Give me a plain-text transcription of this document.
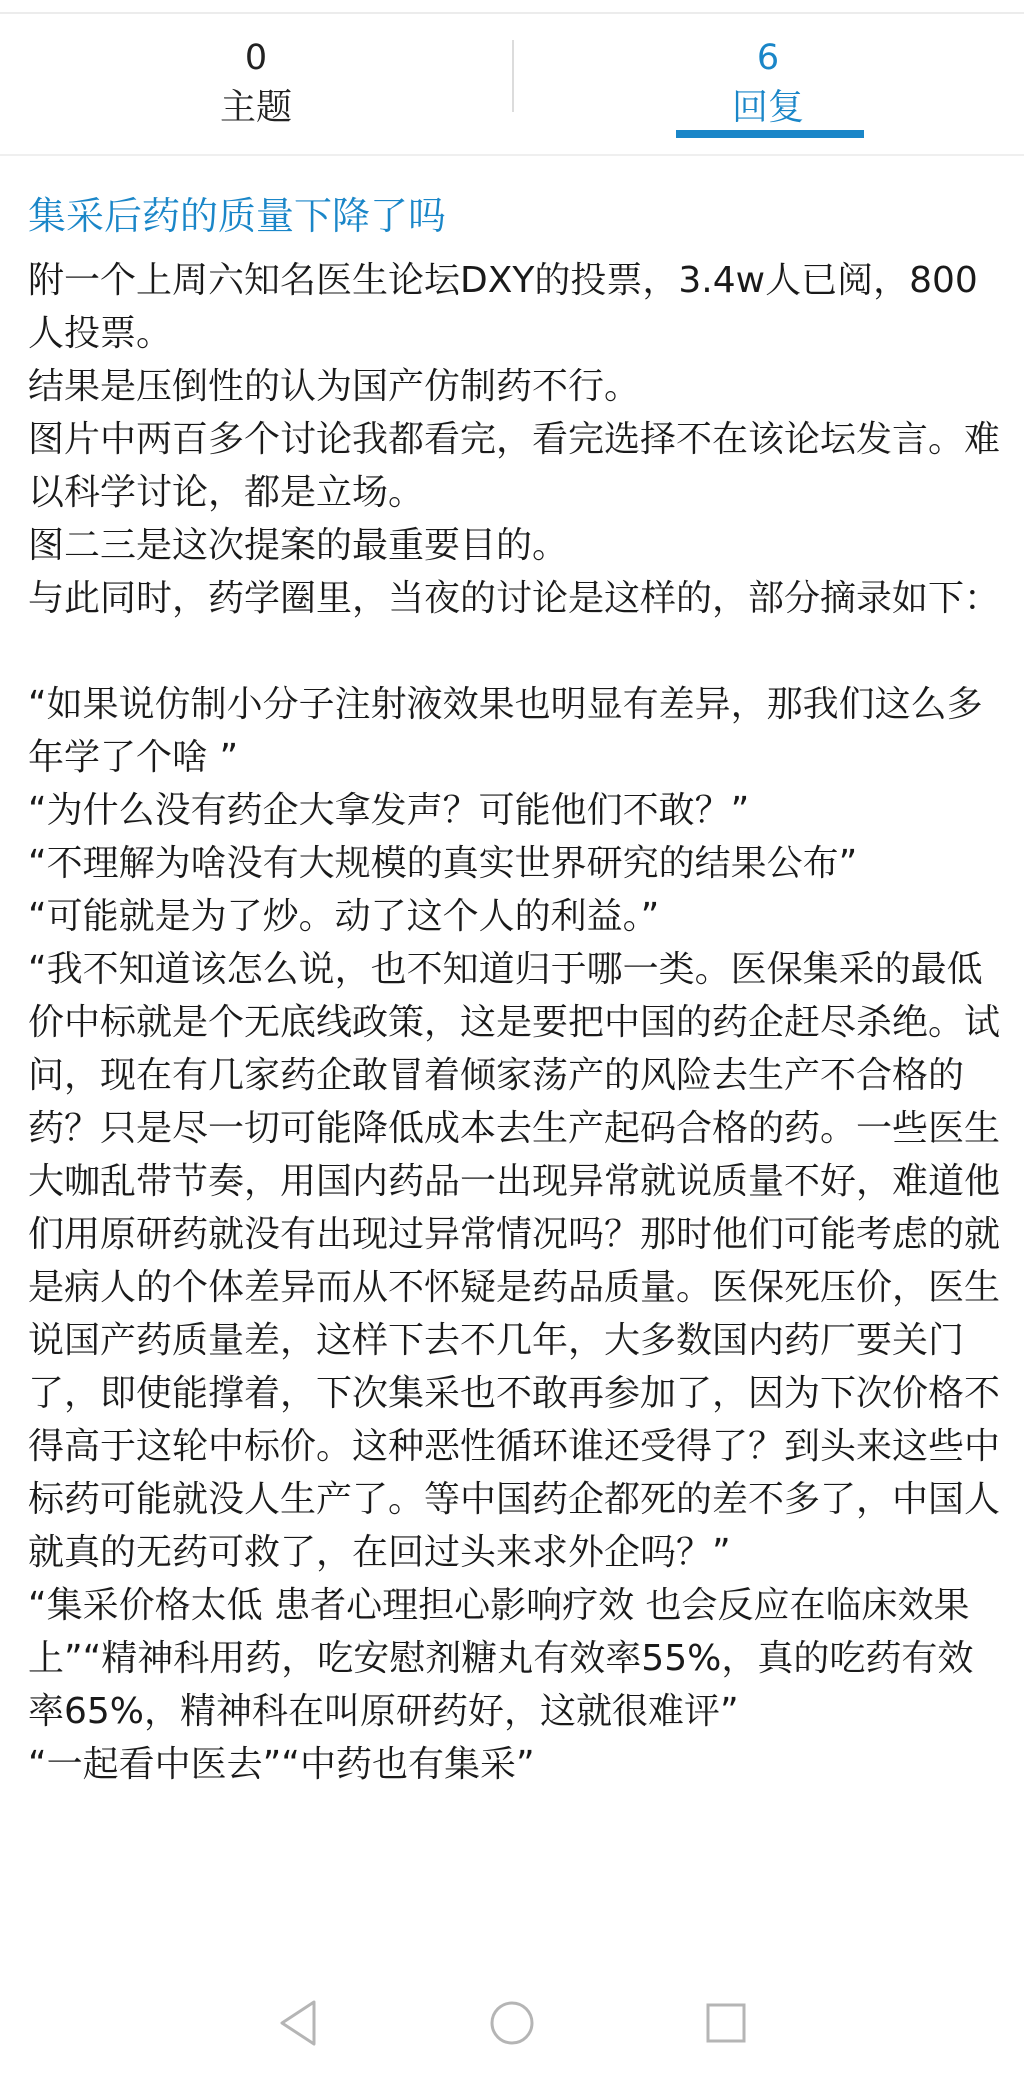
0
主题
6
回复
集采后药的质量下降了吗
附一个上周六知名医生论坛DXY的投票，3.4w人已阅，800人投票。
结果是压倒性的认为国产仿制药不行。
图片中两百多个讨论我都看完，看完选择不在该论坛发言。难以科学讨论，都是立场。
图二三是这次提案的最重要目的。
与此同时，药学圈里，当夜的讨论是这样的，部分摘录如下：
“如果说仿制小分子注射液效果也明显有差异，那我们这么多年学了个啥 ”
“为什么没有药企大拿发声？可能他们不敢？”
“不理解为啥没有大规模的真实世界研究的结果公布”
“可能就是为了炒。动了这个人的利益。”
“我不知道该怎么说，也不知道归于哪一类。医保集采的最低价中标就是个无底线政策，这是要把中国的药企赶尽杀绝。试问，现在有几家药企敢冒着倾家荡产的风险去生产不合格的药？只是尽一切可能降低成本去生产起码合格的药。一些医生大咖乱带节奏，用国内药品一出现异常就说质量不好，难道他们用原研药就没有出现过异常情况吗？那时他们可能考虑的就是病人的个体差异而从不怀疑是药品质量。医保死压价，医生说国产药质量差，这样下去不几年，大多数国内药厂要关门了，即使能撑着，下次集采也不敢再参加了，因为下次价格不得高于这轮中标价。这种恶性循环谁还受得了？到头来这些中标药可能就没人生产了。等中国药企都死的差不多了，中国人就真的无药可救了，在回过头来求外企吗？”
“集采价格太低 患者心理担心影响疗效 也会反应在临床效果上”“精神科用药，吃安慰剂糖丸有效率55%，真的吃药有效率65%，精神科在叫原研药好，这就很难评”
“一起看中医去”“中药也有集采”
